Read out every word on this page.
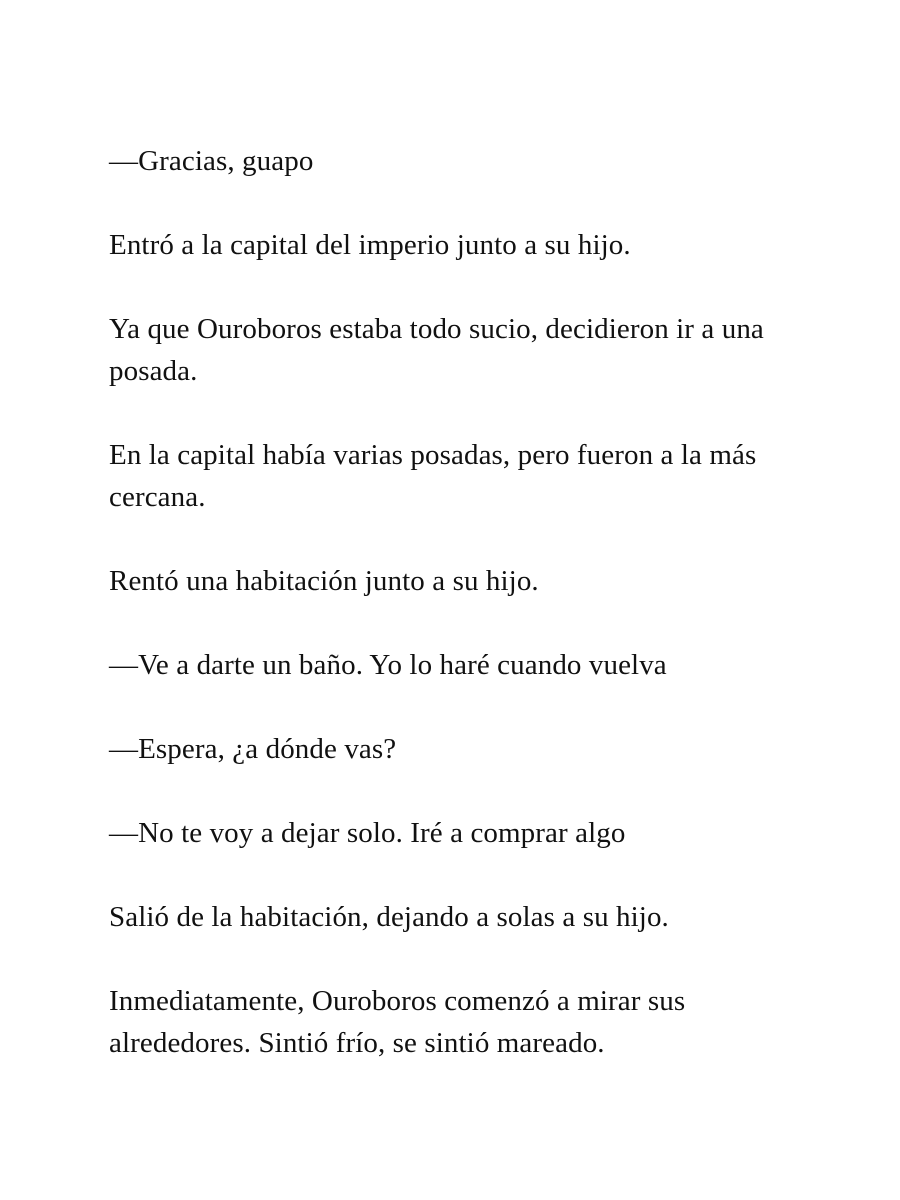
—Gracias, guapo

Entró a la capital del imperio junto a su hijo.

Ya que Ouroboros estaba todo sucio, decidieron ir a una posada.

En la capital había varias posadas, pero fueron a la más cercana.

Rentó una habitación junto a su hijo.

—Ve a darte un baño. Yo lo haré cuando vuelva

—Espera, ¿a dónde vas?

—No te voy a dejar solo. Iré a comprar algo

Salió de la habitación, dejando a solas a su hijo.

Inmediatamente, Ouroboros comenzó a mirar sus alrededores. Sintió frío, se sintió mareado.
